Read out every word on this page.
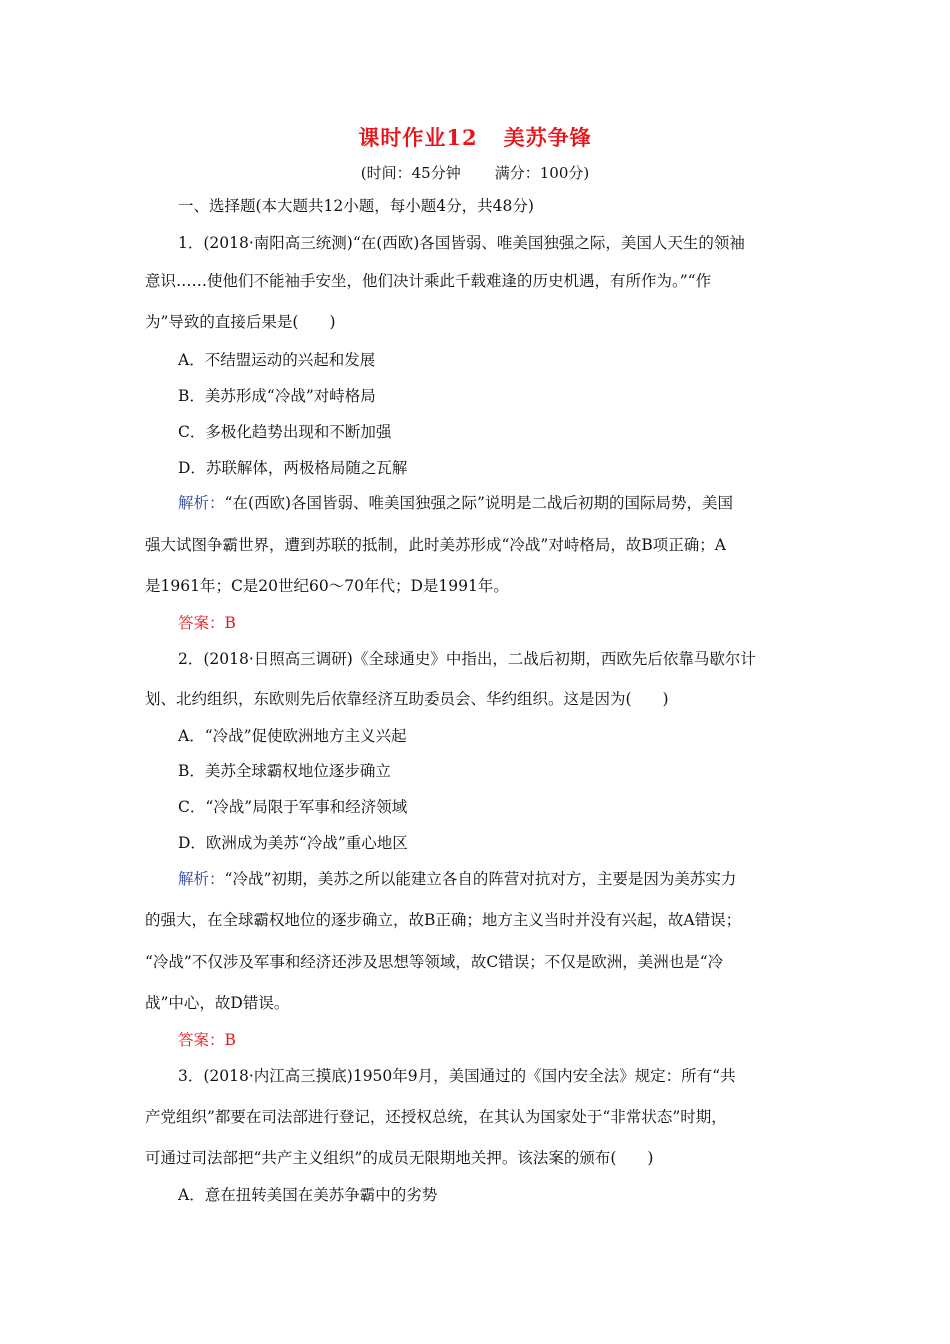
课时作业12 美苏争锋
(时间：45分钟 满分：100分)
一、选择题(本大题共12小题，每小题4分，共48分)
1．(2018·南阳高三统测)“在(西欧)各国皆弱、唯美国独强之际，美国人天生的领袖
意识……使他们不能袖手安坐，他们决计乘此千载难逢的历史机遇，有所作为。”“作
为”导致的直接后果是(　　)
A．不结盟运动的兴起和发展
B．美苏形成“冷战”对峙格局
C．多极化趋势出现和不断加强
D．苏联解体，两极格局随之瓦解
解析：“在(西欧)各国皆弱、唯美国独强之际”说明是二战后初期的国际局势，美国
强大试图争霸世界，遭到苏联的抵制，此时美苏形成“冷战”对峙格局，故B项正确；A
是1961年；C是20世纪60～70年代；D是1991年。
答案：B
2．(2018·日照高三调研)《全球通史》中指出，二战后初期，西欧先后依靠马歇尔计
划、北约组织，东欧则先后依靠经济互助委员会、华约组织。这是因为(　　)
A．“冷战”促使欧洲地方主义兴起
B．美苏全球霸权地位逐步确立
C．“冷战”局限于军事和经济领域
D．欧洲成为美苏“冷战”重心地区
解析：“冷战”初期，美苏之所以能建立各自的阵营对抗对方，主要是因为美苏实力
的强大，在全球霸权地位的逐步确立，故B正确；地方主义当时并没有兴起，故A错误；
“冷战”不仅涉及军事和经济还涉及思想等领域，故C错误；不仅是欧洲，美洲也是“冷
战”中心，故D错误。
答案：B
3．(2018·内江高三摸底)1950年9月，美国通过的《国内安全法》规定：所有“共
产党组织”都要在司法部进行登记，还授权总统，在其认为国家处于“非常状态”时期，
可通过司法部把“共产主义组织”的成员无限期地关押。该法案的颁布(　　)
A．意在扭转美国在美苏争霸中的劣势
